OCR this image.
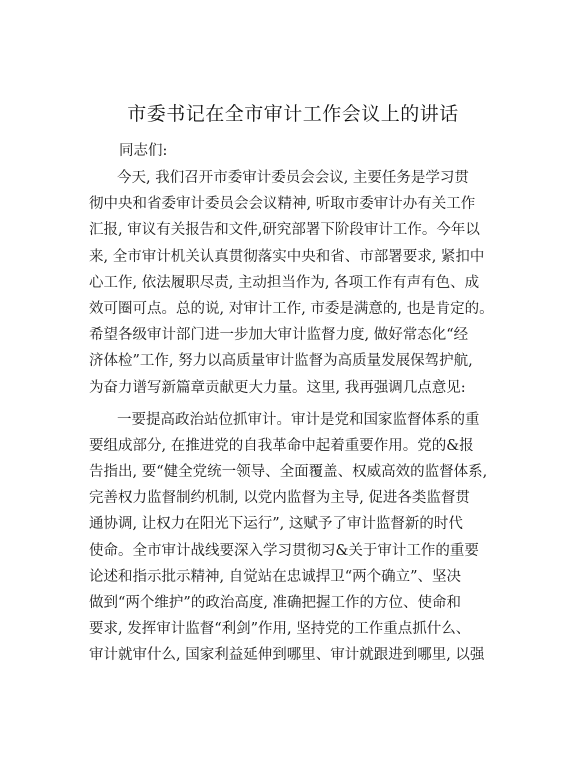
市委书记在全市审计工作会议上的讲话
同志们:
今天, 我们召开市委审计委员会会议, 主要任务是学习贯
彻中央和省委审计委员会会议精神, 听取市委审计办有关工作
汇报, 审议有关报告和文件,研究部署下阶段审计工作。今年以
来, 全市审计机关认真贯彻落实中央和省、市部署要求, 紧扣中
心工作, 依法履职尽责, 主动担当作为, 各项工作有声有色、成
效可圈可点。总的说, 对审计工作, 市委是满意的, 也是肯定的。
希望各级审计部门进一步加大审计监督力度, 做好常态化“经
济体检”工作, 努力以高质量审计监督为高质量发展保驾护航,
为奋力谱写新篇章贡献更大力量。这里, 我再强调几点意见:
一要提高政治站位抓审计。审计是党和国家监督体系的重
要组成部分, 在推进党的自我革命中起着重要作用。党的&报
告指出, 要“健全党统一领导、全面覆盖、权威高效的监督体系,
完善权力监督制约机制, 以党内监督为主导, 促进各类监督贯
通协调, 让权力在阳光下运行”, 这赋予了审计监督新的时代
使命。全市审计战线要深入学习贯彻习&关于审计工作的重要
论述和指示批示精神, 自觉站在忠诚捍卫“两个确立”、坚决
做到“两个维护”的政治高度, 准确把握工作的方位、使命和
要求, 发挥审计监督“利剑”作用, 坚持党的工作重点抓什么、
审计就审什么, 国家利益延伸到哪里、审计就跟进到哪里, 以强
